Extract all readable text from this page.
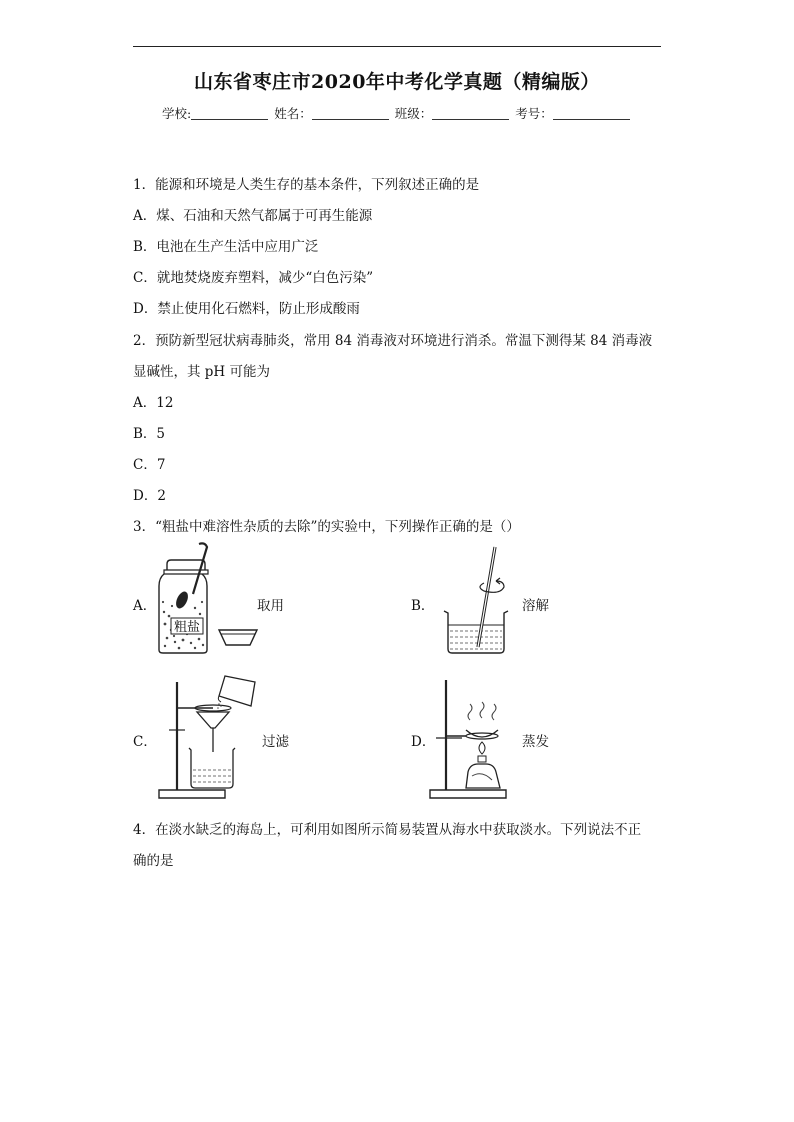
山东省枣庄市2020年中考化学真题（精编版）
学校:	姓名：	班级：	考号：
1．能源和环境是人类生存的基本条件，下列叙述正确的是
A．煤、石油和天然气都属于可再生能源
B．电池在生产生活中应用广泛
C．就地焚烧废弃塑料，减少“白色污染”
D．禁止使用化石燃料，防止形成酸雨
2．预防新型冠状病毒肺炎，常用 84 消毒液对环境进行消杀。常温下测得某 84 消毒液
显碱性，其 pH 可能为
A．12
B．5
C．7
D．2
3．“粗盐中难溶性杂质的去除”的实验中，下列操作正确的是（）
A．
粗盐
取用	B．	溶解
C．	过滤	D．	蒸发
4．在淡水缺乏的海岛上，可利用如图所示简易装置从海水中获取淡水。下列说法不正
确的是
